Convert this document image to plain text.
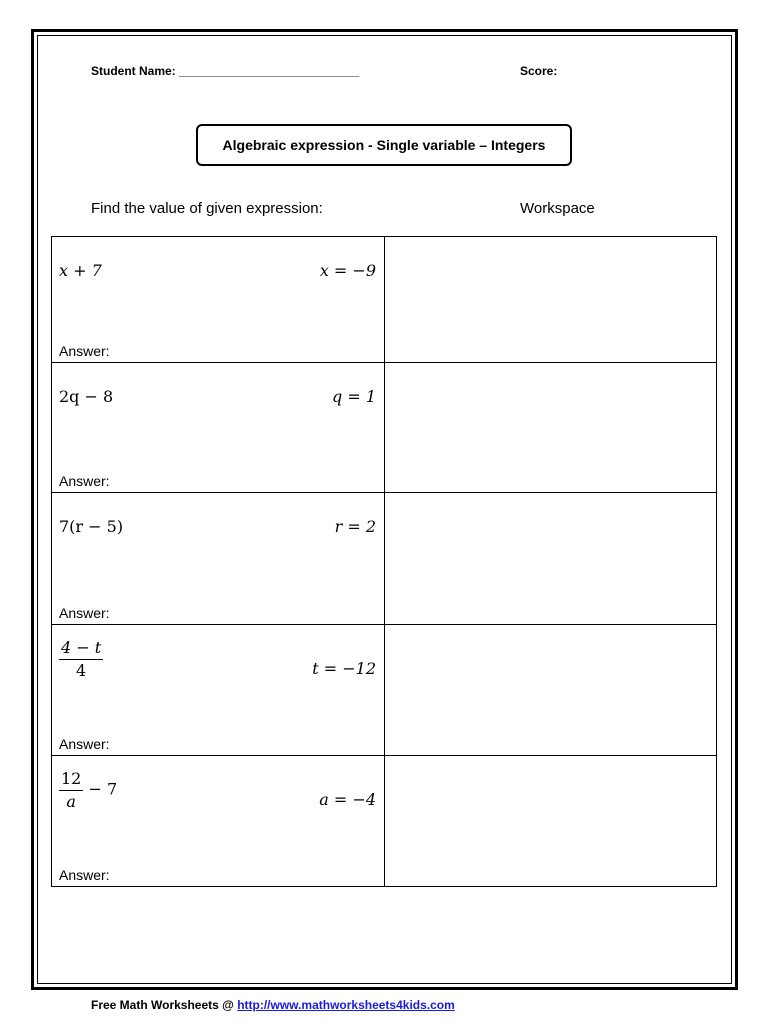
Student Name: ___________________________	Score:
Algebraic expression - Single variable – Integers
Find the value of given expression:	Workspace
x + 7 x = −9
Answer:	

2q − 8 q = 1
Answer:	

7(r − 5) r = 2
Answer:	

$\frac{4 - t}{4}$ t = −12
Answer:	

$\frac{12}{a} - 7$
a = −4
Answer:	

Free Math Worksheets @ http://www.mathworksheets4kids.com
